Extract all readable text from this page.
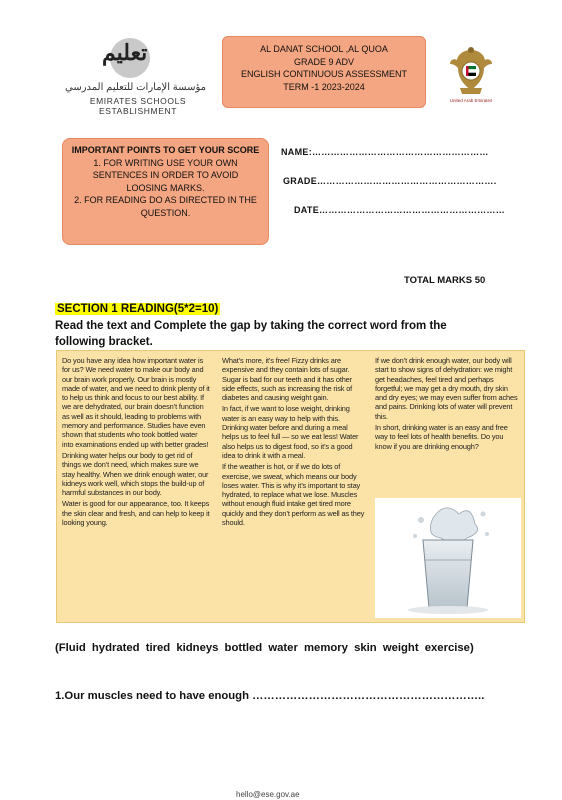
تعليم
مؤسسة الإمارات للتعليم المدرسي
EMIRATES SCHOOLS ESTABLISHMENT
AL DANAT SCHOOL ,AL QUOA
GRADE 9 ADV
ENGLISH CONTINUOUS ASSESSMENT
TERM -1 2023-2024
United Arab Emirates
IMPORTANT POINTS TO GET YOUR SCORE
1. FOR WRITING USE YOUR OWN SENTENCES IN ORDER TO AVOID LOOSING MARKS.
2. FOR READING DO AS DIRECTED IN THE QUESTION.
NAME:…………………………………………………
GRADE………………………………………………….
DATE……………………………………………………
TOTAL MARKS 50
SECTION 1 READING(5*2=10)
Read the text and Complete the gap by taking the correct word from the following bracket.

Do you have any idea how important water is for us? We need water to make our body and our brain work properly. Our brain is mostly made of water, and we need to drink plenty of it to help us think and focus to our best ability. If we are dehydrated, our brain doesn’t function as well as it should, leading to problems with memory and performance. Studies have even shown that students who took bottled water into examinations ended up with better grades!

Drinking water helps our body to get rid of things we don’t need, which makes sure we stay healthy. When we drink enough water, our kidneys work well, which stops the build-up of harmful substances in our body.

Water is good for our appearance, too. It keeps the skin clear and fresh, and can help to keep it looking young.

What’s more, it’s free! Fizzy drinks are expensive and they contain lots of sugar. Sugar is bad for our teeth and it has other side effects, such as increasing the risk of diabetes and causing weight gain.

In fact, if we want to lose weight, drinking water is an easy way to help with this. Drinking water before and during a meal helps us to feel full — so we eat less! Water also helps us to digest food, so it’s a good idea to drink it with a meal.

If the weather is hot, or if we do lots of exercise, we sweat, which means our body loses water. This is why it’s important to stay hydrated, to replace what we lose. Muscles without enough fluid intake get tired more quickly and they don’t perform as well as they should.

If we don’t drink enough water, our body will start to show signs of dehydration: we might get headaches, feel tired and perhaps forgetful; we may get a dry mouth, dry skin and dry eyes; we may even suffer from aches and pains. Drinking lots of water will prevent this.

In short, drinking water is an easy and free way to feel lots of health benefits. Do you know if you are drinking enough?

(Fluid hydrated tired kidneys bottled water memory skin weight exercise)
1.Our muscles need to have enough ……………………………………………………..
hello@ese.gov.ae
